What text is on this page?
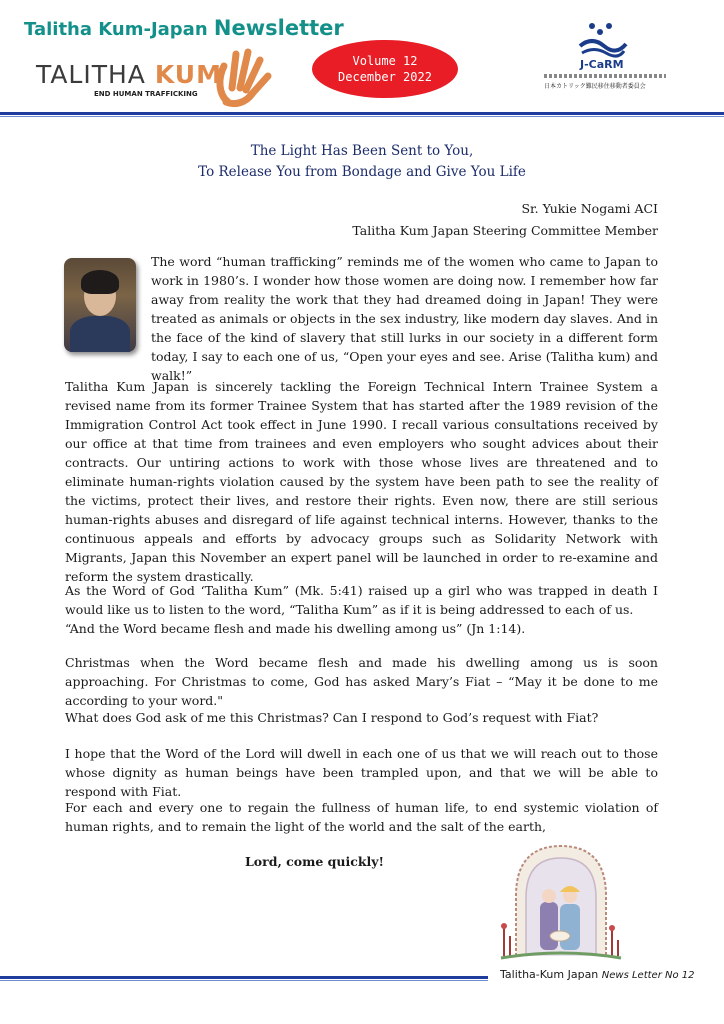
Talitha Kum-Japan Newsletter
TALITHA KUM
END HUMAN TRAFFICKING
Volume 12
December 2022
J-CaRM
日本カトリック難民移住移動者委員会
The Light Has Been Sent to You,
To Release You from Bondage and Give You Life
Sr. Yukie Nogami ACI
Talitha Kum Japan Steering Committee Member

The word “human trafficking” reminds me of the women who came to Japan to work in 1980’s. I wonder how those women are doing now. I remember how far away from reality the work that they had dreamed doing in Japan! They were treated as animals or objects in the sex industry, like modern day slaves. And in the face of the kind of slavery that still lurks in our society in a different form today, I say to each one of us, “Open your eyes and see. Arise (Talitha kum) and walk!”

Talitha Kum Japan is sincerely tackling the Foreign Technical Intern Trainee System a revised name from its former Trainee System that has started after the 1989 revision of the Immigration Control Act took effect in June 1990. I recall various consultations received by our office at that time from trainees and even employers who sought advices about their contracts. Our untiring actions to work with those whose lives are threatened and to eliminate human-rights violation caused by the system have been path to see the reality of the victims, protect their lives, and restore their rights. Even now, there are still serious human-rights abuses and disregard of life against technical interns. However, thanks to the continuous appeals and efforts by advocacy groups such as Solidarity Network with Migrants, Japan this November an expert panel will be launched in order to re-examine and reform the system drastically.

As the Word of God ‘Talitha Kum” (Mk. 5:41) raised up a girl who was trapped in death I would like us to listen to the word, “Talitha Kum” as if it is being addressed to each of us.

“And the Word became flesh and made his dwelling among us” (Jn 1:14).

Christmas when the Word became flesh and made his dwelling among us is soon approaching. For Christmas to come, God has asked Mary’s Fiat – “May it be done to me according to your word."

What does God ask of me this Christmas? Can I respond to God’s request with Fiat?

I hope that the Word of the Lord will dwell in each one of us that we will reach out to those whose dignity as human beings have been trampled upon, and that we will be able to respond with Fiat.

For each and every one to regain the fullness of human life, to end systemic violation of human rights, and to remain the light of the world and the salt of the earth,

Lord, come quickly!
Talitha-Kum Japan News Letter No 12
